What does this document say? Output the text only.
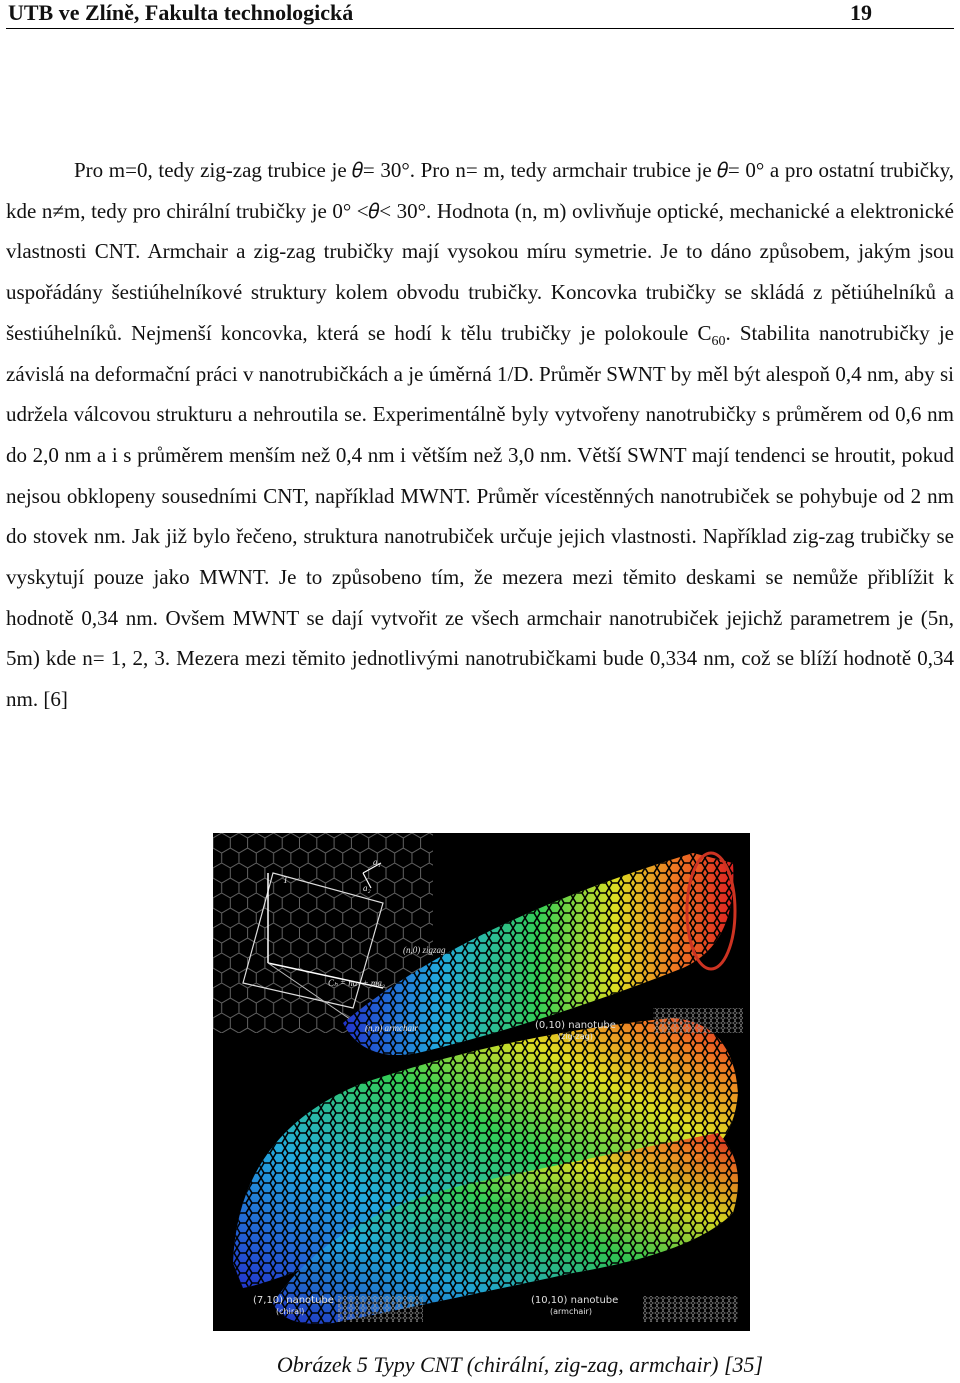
UTB ve Zlíně, Fakulta technologická	19

Pro m=0, tedy zig-zag trubice je 𝜃= 30°. Pro n= m, tedy armchair trubice je 𝜃= 0° a pro ostatní trubičky, kde n≠m, tedy pro chirální trubičky je 0° <𝜃< 30°. Hodnota (n, m) ovlivňuje optické, mechanické a elektronické vlastnosti CNT. Armchair a zig-zag trubičky mají vysokou míru symetrie. Je to dáno způsobem, jakým jsou uspořádány šestiúhelníkové struktury kolem obvodu trubičky. Koncovka trubičky se skládá z pětiúhelníků a šestiúhelníků. Nejmenší koncovka, která se hodí k tělu trubičky je polokoule $C_{60}$. Stabilita nanotrubičky je závislá na deformační práci v nanotrubičkách a je úměrná 1/D. Průměr SWNT by měl být alespoň 0,4 nm, aby si udržela válcovou strukturu a nehroutila se. Experimentálně byly vytvořeny nanotrubičky s průměrem od 0,6 nm do 2,0 nm a i s průměrem menším než 0,4 nm i větším než 3,0 nm. Větší SWNT mají tendenci se hroutit, pokud nejsou obklopeny sousedními CNT, například MWNT. Průměr vícestěnných nanotrubiček se pohybuje od 2 nm do stovek nm. Jak již bylo řečeno, struktura nanotrubiček určuje jejich vlastnosti. Například zig-zag trubičky se vyskytují pouze jako MWNT. Je to způsobeno tím, že mezera mezi těmito deskami se nemůže přiblížit k hodnotě 0,34 nm. Ovšem MWNT se dají vytvořit ze všech armchair nanotrubiček jejichž parametrem je (5n, 5m) kde n= 1, 2, 3. Mezera mezi těmito jednotlivými nanotrubičkami bude 0,334 nm, což se blíží hodnotě 0,34 nm. [6]

T
a₁
a₂
(n,0) zigzag
Cₕ = na₁ + ma₂
(n,n) armchair	(0,10) nanotube
(zig-zag)
(7,10) nanotube
(chiral)
(10,10) nanotube
(armchair)
Obrázek 5 Typy CNT (chirální, zig-zag, armchair) [35]
